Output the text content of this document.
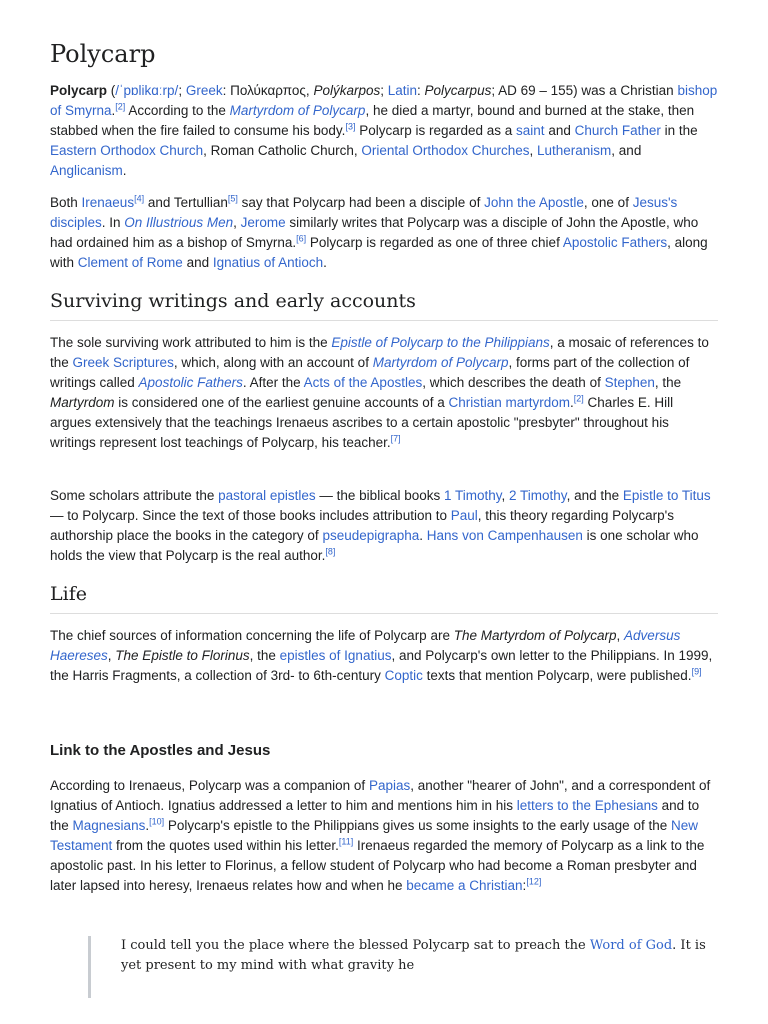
Polycarp

Polycarp (/ˈpɒlikɑːrp/; Greek: Πολύκαρπος, Polýkarpos; Latin: Polycarpus; AD 69 – 155) was a Christian bishop of Smyrna.[2] According to the Martyrdom of Polycarp, he died a martyr, bound and burned at the stake, then stabbed when the fire failed to consume his body.[3] Polycarp is regarded as a saint and Church Father in the Eastern Orthodox Church, Roman Catholic Church, Oriental Orthodox Churches, Lutheranism, and Anglicanism.

Both Irenaeus[4] and Tertullian[5] say that Polycarp had been a disciple of John the Apostle, one of Jesus's disciples. In On Illustrious Men, Jerome similarly writes that Polycarp was a disciple of John the Apostle, who had ordained him as a bishop of Smyrna.[6] Polycarp is regarded as one of three chief Apostolic Fathers, along with Clement of Rome and Ignatius of Antioch.

Surviving writings and early accounts

The sole surviving work attributed to him is the Epistle of Polycarp to the Philippians, a mosaic of references to the Greek Scriptures, which, along with an account of Martyrdom of Polycarp, forms part of the collection of writings called Apostolic Fathers. After the Acts of the Apostles, which describes the death of Stephen, the Martyrdom is considered one of the earliest genuine accounts of a Christian martyrdom.[2] Charles E. Hill argues extensively that the teachings Irenaeus ascribes to a certain apostolic "presbyter" throughout his writings represent lost teachings of Polycarp, his teacher.[7]

Some scholars attribute the pastoral epistles — the biblical books 1 Timothy, 2 Timothy, and the Epistle to Titus — to Polycarp. Since the text of those books includes attribution to Paul, this theory regarding Polycarp's authorship place the books in the category of pseudepigrapha. Hans von Campenhausen is one scholar who holds the view that Polycarp is the real author.[8]

Life

The chief sources of information concerning the life of Polycarp are The Martyrdom of Polycarp, Adversus Haereses, The Epistle to Florinus, the epistles of Ignatius, and Polycarp's own letter to the Philippians. In 1999, the Harris Fragments, a collection of 3rd- to 6th-century Coptic texts that mention Polycarp, were published.[9]

Link to the Apostles and Jesus

According to Irenaeus, Polycarp was a companion of Papias, another "hearer of John", and a correspondent of Ignatius of Antioch. Ignatius addressed a letter to him and mentions him in his letters to the Ephesians and to the Magnesians.[10] Polycarp's epistle to the Philippians gives us some insights to the early usage of the New Testament from the quotes used within his letter.[11] Irenaeus regarded the memory of Polycarp as a link to the apostolic past. In his letter to Florinus, a fellow student of Polycarp who had become a Roman presbyter and later lapsed into heresy, Irenaeus relates how and when he became a Christian:[12]

I could tell you the place where the blessed Polycarp sat to preach the Word of God. It is yet present to my mind with what gravity he
